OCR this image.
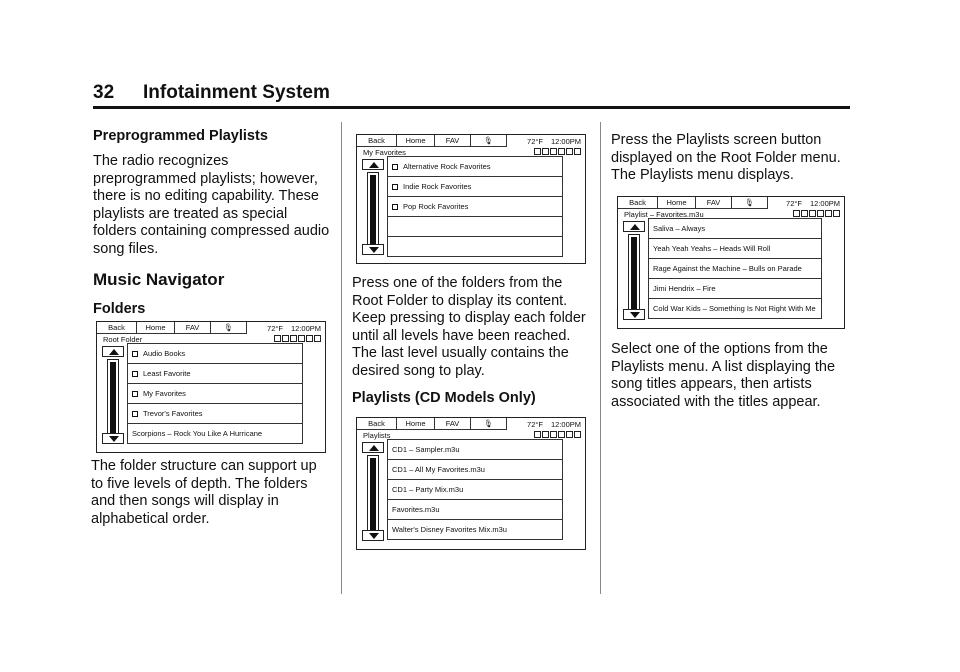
32 Infotainment System

Preprogrammed Playlists

The radio recognizes preprogrammed playlists; however, there is no editing capability. These playlists are treated as special folders containing compressed audio song files.

Music Navigator

Folders

The folder structure can support up to five levels of depth. The folders and then songs will display in alphabetical order.

Back	Home	FAV	🎙	72°F 12:00PM
Root Folder
Audio Books
Least Favorite
My Favorites
Trevor's Favorites
Scorpions – Rock You Like A Hurricane

Press one of the folders from the Root Folder to display its content. Keep pressing to display each folder until all levels have been reached. The last level usually contains the desired song to play.

Playlists (CD Models Only)

Back	Home	FAV	🎙	72°F 12:00PM
My Favorites
Alternative Rock Favorites
Indie Rock Favorites
Pop Rock Favorites
Back	Home	FAV	🎙	72°F 12:00PM
Playlists
CD1 – Sampler.m3u
CD1 – All My Favorites.m3u
CD1 – Party Mix.m3u
Favorites.m3u
Walter's Disney Favorites Mix.m3u

Press the Playlists screen button displayed on the Root Folder menu. The Playlists menu displays.

Back	Home	FAV	🎙	72°F 12:00PM
Playlist – Favorites.m3u
Saliva – Always
Yeah Yeah Yeahs – Heads Will Roll
Rage Against the Machine – Bulls on Parade
Jimi Hendrix – Fire
Cold War Kids – Something Is Not Right With Me

Select one of the options from the Playlists menu. A list displaying the song titles appears, then artists associated with the titles appear.
